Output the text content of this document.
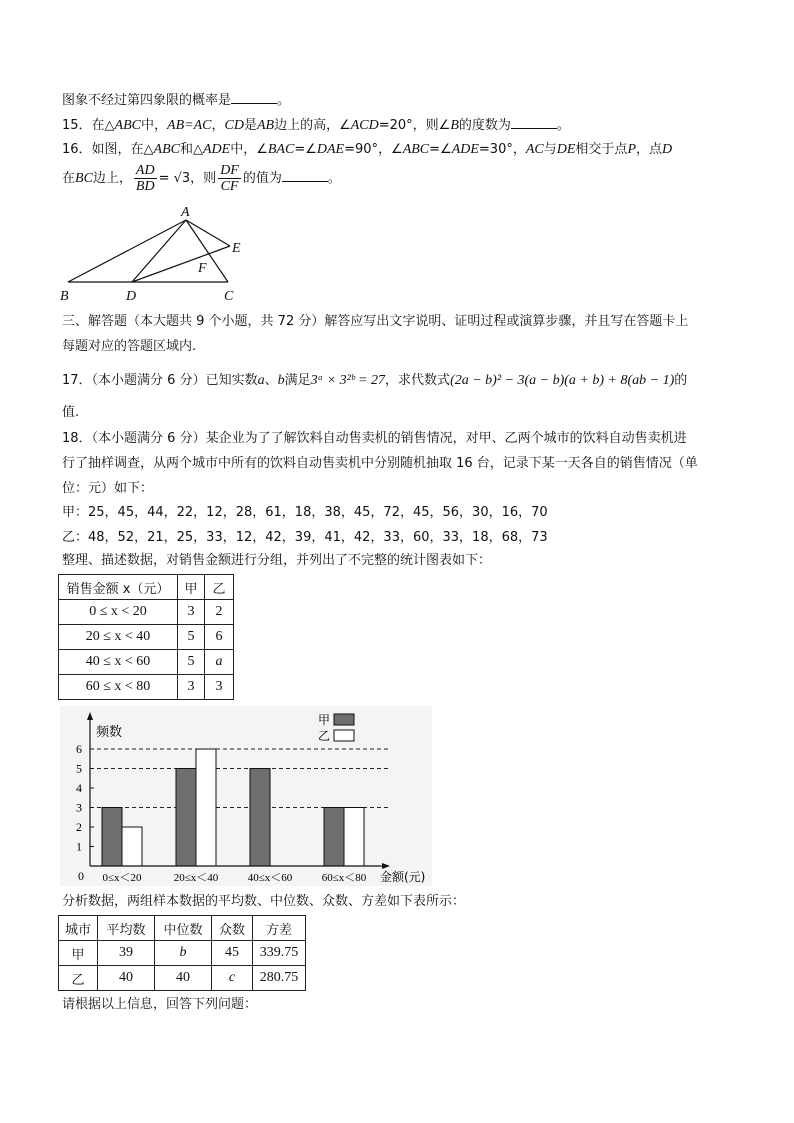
图象不经过第四象限的概率是	。
15．在△ABC中，AB=AC，CD是AB边上的高，∠ACD=20°，则∠B的度数为	。
16．如图，在△ABC和△ADE中，∠BAC=∠DAE=90°，∠ABC=∠ADE=30°，AC与DE相交于点P，点D
在BC边上， $\frac{AD}{BD} = √3$，则 $\frac{DF}{CF}$ 的值为	。
A
B	D	C
E
F
三、解答题（本大题共 9 个小题，共 72 分）解答应写出文字说明、证明过程或演算步骤，并且写在答题卡上
每题对应的答题区域内.
17．（本小题满分 6 分）已知实数a、b满足3ᵃ × 3²ᵇ = 27，求代数式(2a − b)² − 3(a − b)(a + b) + 8(ab − 1)的
值.
18．（本小题满分 6 分）某企业为了了解饮料自动售卖机的销售情况，对甲、乙两个城市的饮料自动售卖机进
行了抽样调查，从两个城市中所有的饮料自动售卖机中分别随机抽取 16 台，记录下某一天各自的销售情况（单
位：元）如下：
甲：25，45，44，22，12，28，61，18，38，45，72，45，56，30，16，70
乙：48，52，21，25，33，12，42，39，41，42，33，60，33，18，68，73
整理、描述数据，对销售金额进行分组，并列出了不完整的统计图表如下：
销售金额 x（元）	甲	乙
0 ≤ x < 20	3	2
20 ≤ x < 40	5	6
40 ≤ x < 60	5	a
60 ≤ x < 80	3	3
0≤x＜20	20≤x＜40	40≤x＜60	60≤x＜80
1
2
3
4
5
6
0
频数
金额(元)
甲
乙
分析数据，两组样本数据的平均数、中位数、众数、方差如下表所示：
城市	平均数	中位数	众数	方差
甲	39	b	45	339.75
乙	40	40	c	280.75
请根据以上信息，回答下列问题：
